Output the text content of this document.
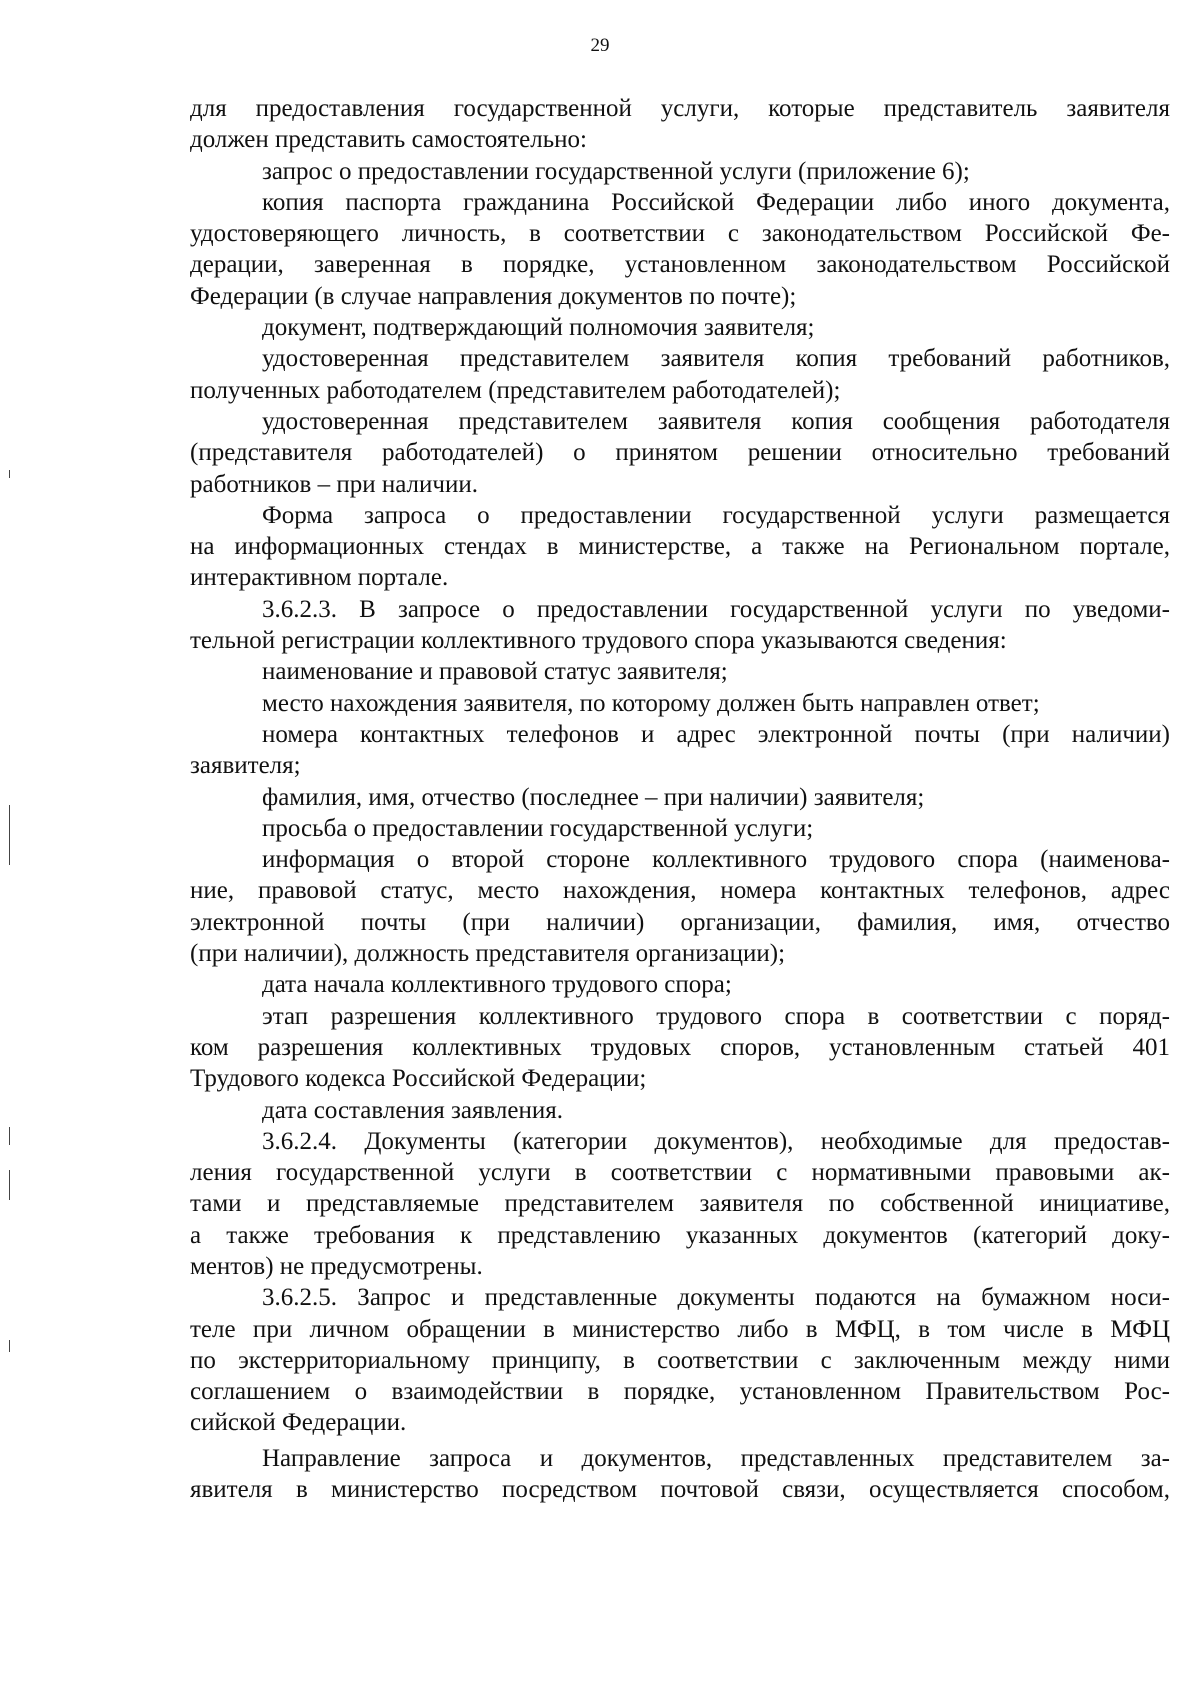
29
для предоставления государственной услуги, которые представитель заявителя
должен представить самостоятельно:
запрос о предоставлении государственной услуги (приложение 6);
копия паспорта гражданина Российской Федерации либо иного документа,
удостоверяющего личность, в соответствии с законодательством Российской Фе-
дерации, заверенная в порядке, установленном законодательством Российской
Федерации (в случае направления документов по почте);
документ, подтверждающий полномочия заявителя;
удостоверенная представителем заявителя копия требований работников,
полученных работодателем (представителем работодателей);
удостоверенная представителем заявителя копия сообщения работодателя
(представителя работодателей) о принятом решении относительно требований
работников – при наличии.
Форма запроса о предоставлении государственной услуги размещается
на информационных стендах в министерстве, а также на Региональном портале,
интерактивном портале.
3.6.2.3. В запросе о предоставлении государственной услуги по уведоми-
тельной регистрации коллективного трудового спора указываются сведения:
наименование и правовой статус заявителя;
место нахождения заявителя, по которому должен быть направлен ответ;
номера контактных телефонов и адрес электронной почты (при наличии)
заявителя;
фамилия, имя, отчество (последнее – при наличии) заявителя;
просьба о предоставлении государственной услуги;
информация о второй стороне коллективного трудового спора (наименова-
ние, правовой статус, место нахождения, номера контактных телефонов, адрес
электронной почты (при наличии) организации, фамилия, имя, отчество
(при наличии), должность представителя организации);
дата начала коллективного трудового спора;
этап разрешения коллективного трудового спора в соответствии с поряд-
ком разрешения коллективных трудовых споров, установленным статьей 401
Трудового кодекса Российской Федерации;
дата составления заявления.
3.6.2.4. Документы (категории документов), необходимые для предостав-
ления государственной услуги в соответствии с нормативными правовыми ак-
тами и представляемые представителем заявителя по собственной инициативе,
а также требования к представлению указанных документов (категорий доку-
ментов) не предусмотрены.
3.6.2.5. Запрос и представленные документы подаются на бумажном носи-
теле при личном обращении в министерство либо в МФЦ, в том числе в МФЦ
по экстерриториальному принципу, в соответствии с заключенным между ними
соглашением о взаимодействии в порядке, установленном Правительством Рос-
сийской Федерации.
Направление запроса и документов, представленных представителем за-
явителя в министерство посредством почтовой связи, осуществляется способом,
